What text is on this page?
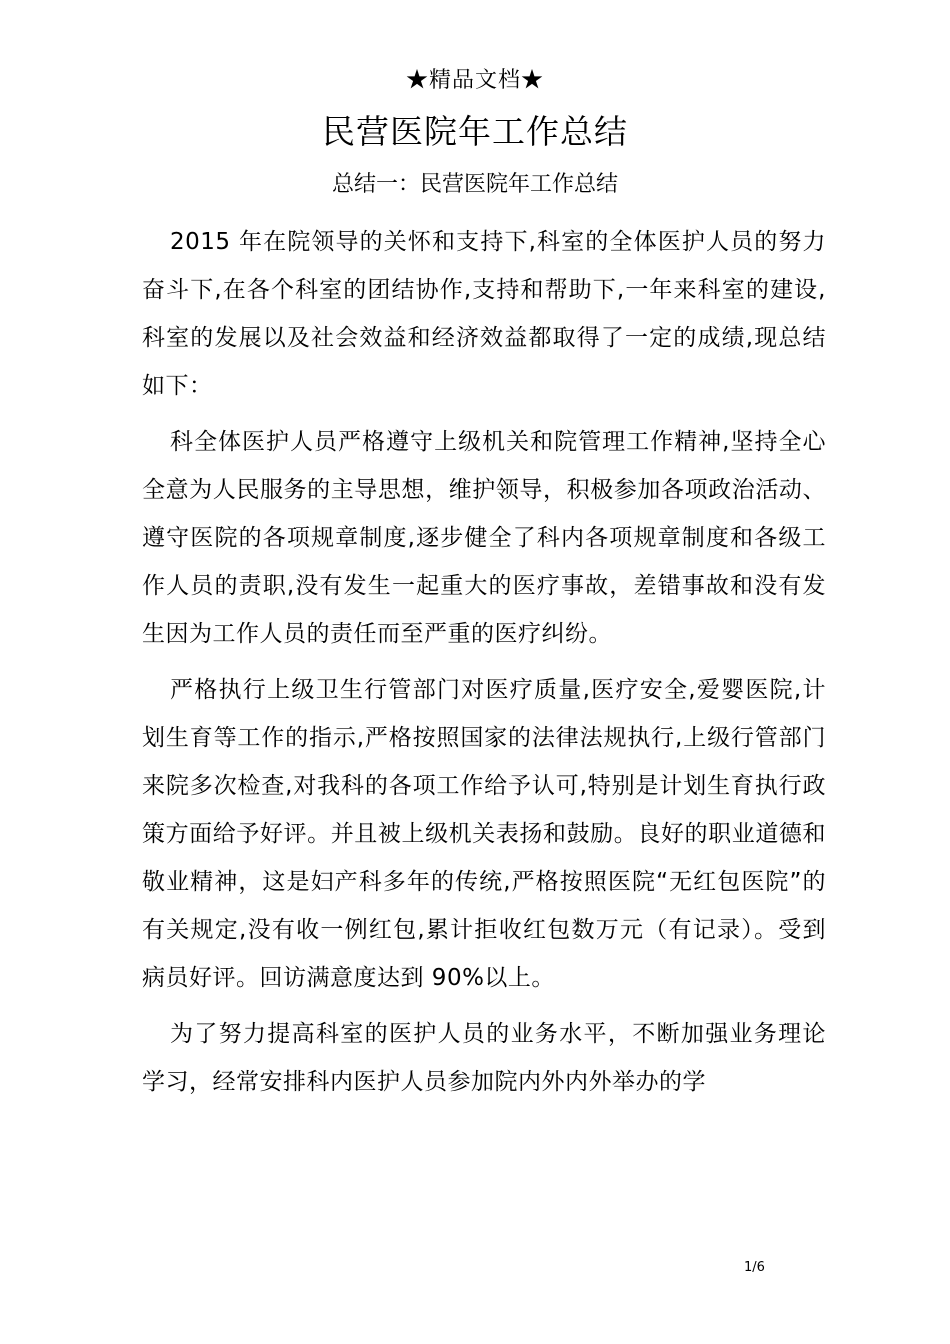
★精品文档★
民营医院年工作总结
总结一：民营医院年工作总结

2015 年在院领导的关怀和支持下,科室的全体医护人员的努力奋斗下,在各个科室的团结协作,支持和帮助下,一年来科室的建设,科室的发展以及社会效益和经济效益都取得了一定的成绩,现总结如下：

科全体医护人员严格遵守上级机关和院管理工作精神,坚持全心全意为人民服务的主导思想，维护领导，积极参加各项政治活动、遵守医院的各项规章制度,逐步健全了科内各项规章制度和各级工作人员的责职,没有发生一起重大的医疗事故，差错事故和没有发生因为工作人员的责任而至严重的医疗纠纷。

严格执行上级卫生行管部门对医疗质量,医疗安全,爱婴医院,计划生育等工作的指示,严格按照国家的法律法规执行,上级行管部门来院多次检查,对我科的各项工作给予认可,特别是计划生育执行政策方面给予好评。并且被上级机关表扬和鼓励。良好的职业道德和敬业精神，这是妇产科多年的传统,严格按照医院“无红包医院”的有关规定,没有收一例红包,累计拒收红包数万元（有记录）。受到病员好评。回访满意度达到 90%以上。

为了努力提高科室的医护人员的业务水平，不断加强业务理论学习，经常安排科内医护人员参加院内外内外举办的学

1/6
